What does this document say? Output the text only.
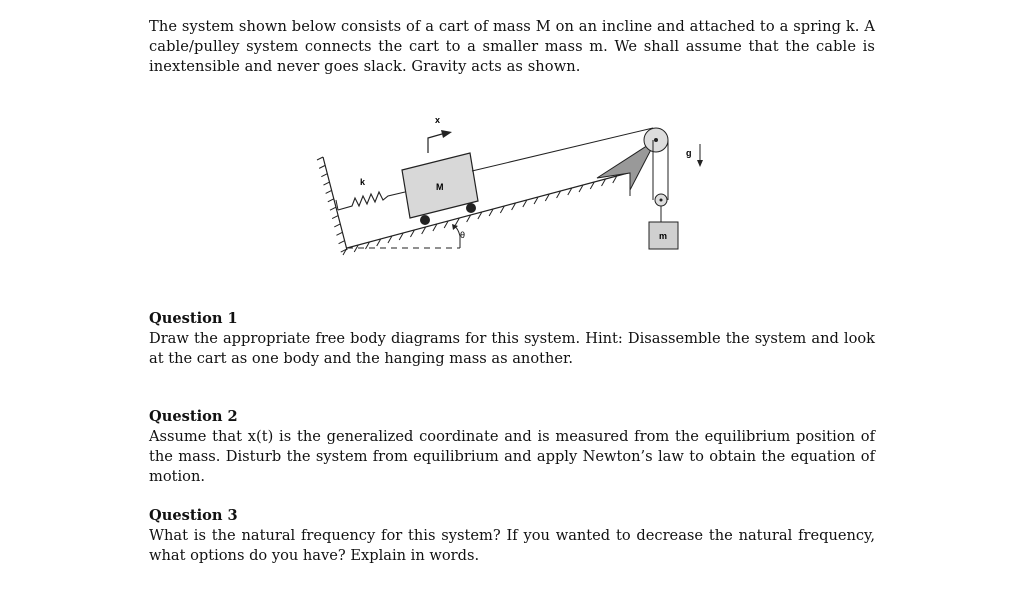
The system shown below consists of a cart of mass M on an incline and attached to a spring k. A cable/pulley system connects the cart to a smaller mass m. We shall assume that the cable is inextensible and never goes slack. Gravity acts as shown.
x
k	M
θ
g
m
Question 1
Draw the appropriate free body diagrams for this system. Hint: Disassemble the system and look at the cart as one body and the hanging mass as another.
Question 2
Assume that x(t) is the generalized coordinate and is measured from the equilibrium position of the mass. Disturb the system from equilibrium and apply Newton’s law to obtain the equation of motion.
Question 3
What is the natural frequency for this system? If you wanted to decrease the natural frequency, what options do you have? Explain in words.
